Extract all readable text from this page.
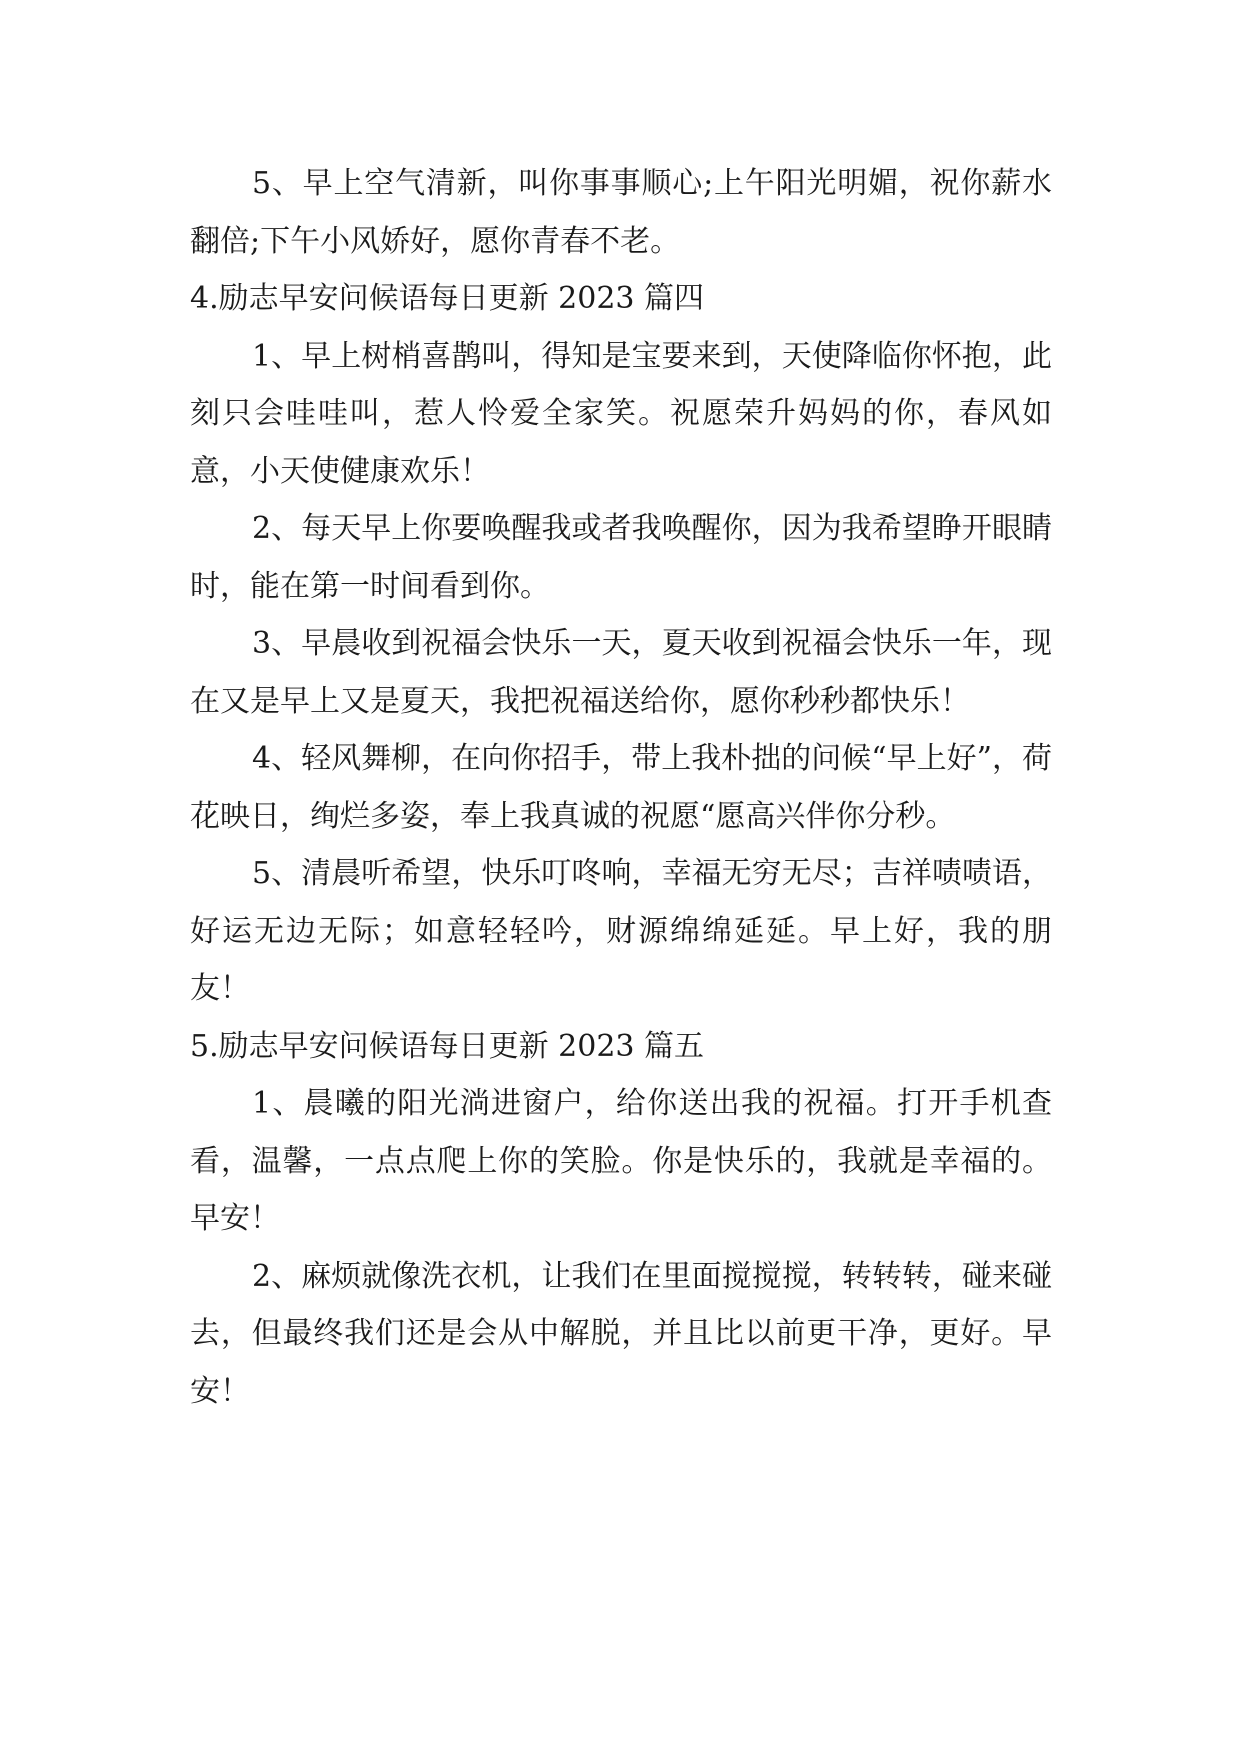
5、早上空气清新，叫你事事顺心;上午阳光明媚，祝你薪水翻倍;下午小风娇好，愿你青春不老。

4.励志早安问候语每日更新 2023 篇四

1、早上树梢喜鹊叫，得知是宝要来到，天使降临你怀抱，此刻只会哇哇叫，惹人怜爱全家笑。祝愿荣升妈妈的你，春风如意，小天使健康欢乐！

2、每天早上你要唤醒我或者我唤醒你，因为我希望睁开眼睛时，能在第一时间看到你。

3、早晨收到祝福会快乐一天，夏天收到祝福会快乐一年，现在又是早上又是夏天，我把祝福送给你，愿你秒秒都快乐！

4、轻风舞柳，在向你招手，带上我朴拙的问候“早上好”，荷花映日，绚烂多姿，奉上我真诚的祝愿“愿高兴伴你分秒。

5、清晨听希望，快乐叮咚响，幸福无穷无尽；吉祥啧啧语，好运无边无际；如意轻轻吟，财源绵绵延延。早上好，我的朋友！

5.励志早安问候语每日更新 2023 篇五

1、晨曦的阳光淌进窗户，给你送出我的祝福。打开手机查看，温馨，一点点爬上你的笑脸。你是快乐的，我就是幸福的。早安！

2、麻烦就像洗衣机，让我们在里面搅搅搅，转转转，碰来碰去，但最终我们还是会从中解脱，并且比以前更干净，更好。早安！
